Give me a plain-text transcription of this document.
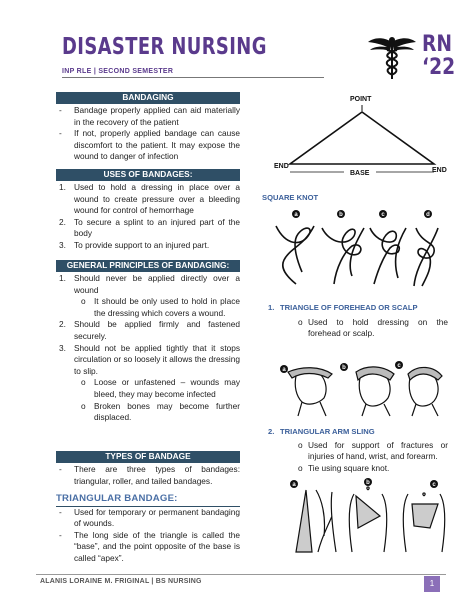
DISASTER NURSING
INP RLE | SECOND SEMESTER
RN
‘22
BANDAGING
- Bandage properly applied can aid materially in the recovery of the patient
- If not, properly applied bandage can cause discomfort to the patient. It may expose the wound to danger of infection
USES OF BANDAGES:
1. Used to hold a dressing in place over a wound to create pressure over a bleeding wound for control of hemorrhage
2. To secure a splint to an injured part of the body
3. To provide support to an injured part.
GENERAL PRINCIPLES OF BANDAGING:
1. Should never be applied directly over a wound
o It should be only used to hold in place the dressing which covers a wound.
2. Should be applied firmly and fastened securely.
3. Should not be applied tightly that it stops circulation or so loosely it allows the dressing to slip.
o Loose or unfastened – wounds may bleed, they may become infected
o Broken bones may become further displaced.
TYPES OF BANDAGE
- There are three types of bandages: triangular, roller, and tailed bandages.
TRIANGULAR BANDAGE:
- Used for temporary or permanent bandaging of wounds.
- The long side of the triangle is called the “base”, and the point opposite of the base is called “apex”.
POINT
END
END
BASE
SQUARE KNOT
a	b	c	d
1. TRIANGLE OF FOREHEAD OR SCALP
o Used to hold dressing on the forehead or scalp.
a	b	c
2. TRIANGULAR ARM SLING
o Used for support of fractures or injuries of hand, wrist, and forearm.
o Tie using square knot.
a	b	c
ALANIS LORAINE M. FRIGINAL | BS NURSING	1
